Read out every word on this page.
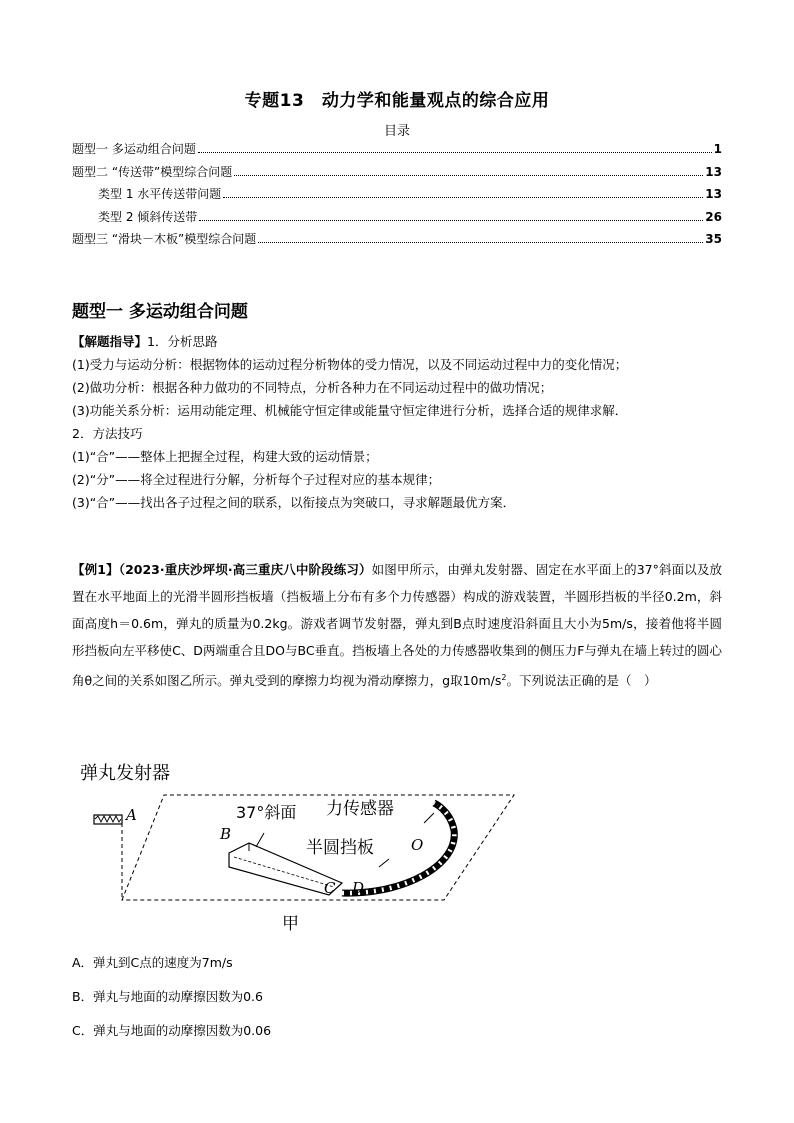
专题13　动力学和能量观点的综合应用
目录
题型一 多运动组合问题	1
题型二 “传送带”模型综合问题	13
类型 1 水平传送带问题	13
类型 2 倾斜传送带	26
题型三 “滑块－木板”模型综合问题	35
题型一 多运动组合问题
【解题指导】1．分析思路
(1)受力与运动分析：根据物体的运动过程分析物体的受力情况，以及不同运动过程中力的变化情况；
(2)做功分析：根据各种力做功的不同特点，分析各种力在不同运动过程中的做功情况；
(3)功能关系分析：运用动能定理、机械能守恒定律或能量守恒定律进行分析，选择合适的规律求解．
2．方法技巧
(1)“合”——整体上把握全过程，构建大致的运动情景；
(2)“分”——将全过程进行分解，分析每个子过程对应的基本规律；
(3)“合”——找出各子过程之间的联系，以衔接点为突破口，寻求解题最优方案．
【例1】（2023·重庆沙坪坝·高三重庆八中阶段练习）如图甲所示，由弹丸发射器、固定在水平面上的37°斜面以及放置在水平地面上的光滑半圆形挡板墙（挡板墙上分布有多个力传感器）构成的游戏装置，半圆形挡板的半径0.2m，斜面高度h＝0.6m，弹丸的质量为0.2kg。游戏者调节发射器，弹丸到B点时速度沿斜面且大小为5m/s，接着他将半圆形挡板向左平移使C、D两端重合且DO与BC垂直。挡板墙上各处的力传感器收集到的侧压力F与弹丸在墙上转过的圆心角θ之间的关系如图乙所示。弹丸受到的摩擦力均视为滑动摩擦力，g取$10m/s^2$。下列说法正确的是（　）
弹丸发射器
A
B
37°斜面 力传感器
O
半圆挡板
C D
甲
A．弹丸到C点的速度为7m/s
B．弹丸与地面的动摩擦因数为0.6
C．弹丸与地面的动摩擦因数为0.06
